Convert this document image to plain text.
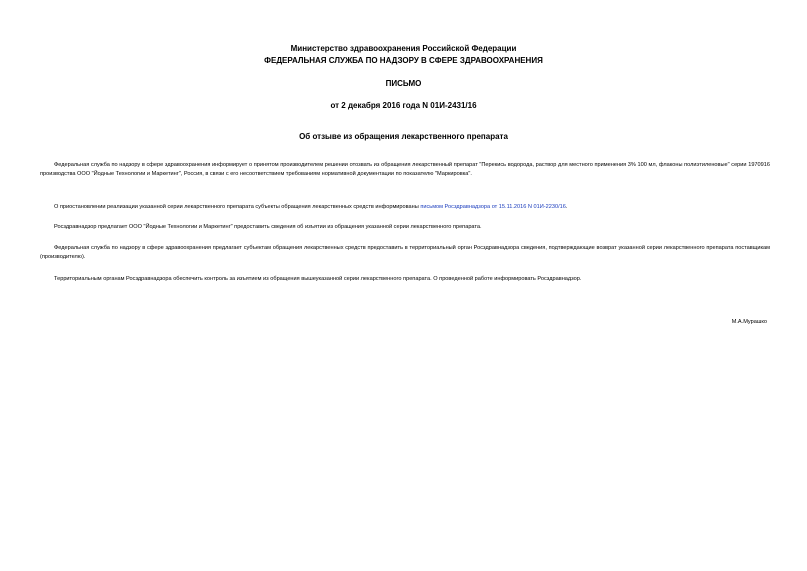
Министерство здравоохранения Российской Федерации
ФЕДЕРАЛЬНАЯ СЛУЖБА ПО НАДЗОРУ В СФЕРЕ ЗДРАВООХРАНЕНИЯ
ПИСЬМО
от 2 декабря 2016 года N 01И-2431/16
Об отзыве из обращения лекарственного препарата
Федеральная служба по надзору в сфере здравоохранения информирует о принятом производителем решении отозвать из обращения лекарственный препарат "Перекись водорода, раствор для местного применения 3% 100 мл, флаконы полиэтиленовые" серии 1970916 производства ООО "Йодные Технологии и Маркетинг", Россия, в связи с его несоответствием требованиям нормативной документации по показателю "Маркировка".
О приостановлении реализации указанной серии лекарственного препарата субъекты обращения лекарственных средств информированы письмом Росздравнадзора от 15.11.2016 N 01И-2230/16.
Росздравнадзор предлагает ООО "Йодные Технологии и Маркетинг" предоставить сведения об изъятии из обращения указанной серии лекарственного препарата.
Федеральная служба по надзору в сфере здравоохранения предлагает субъектам обращения лекарственных средств предоставить в территориальный орган Росздравнадзора сведения, подтверждающие возврат указанной серии лекарственного препарата поставщикам (производителю).
Территориальным органам Росздравнадзора обеспечить контроль за изъятием из обращения вышеуказанной серии лекарственного препарата. О проведенной работе информировать Росздравнадзор.
М.А.Мурашко
